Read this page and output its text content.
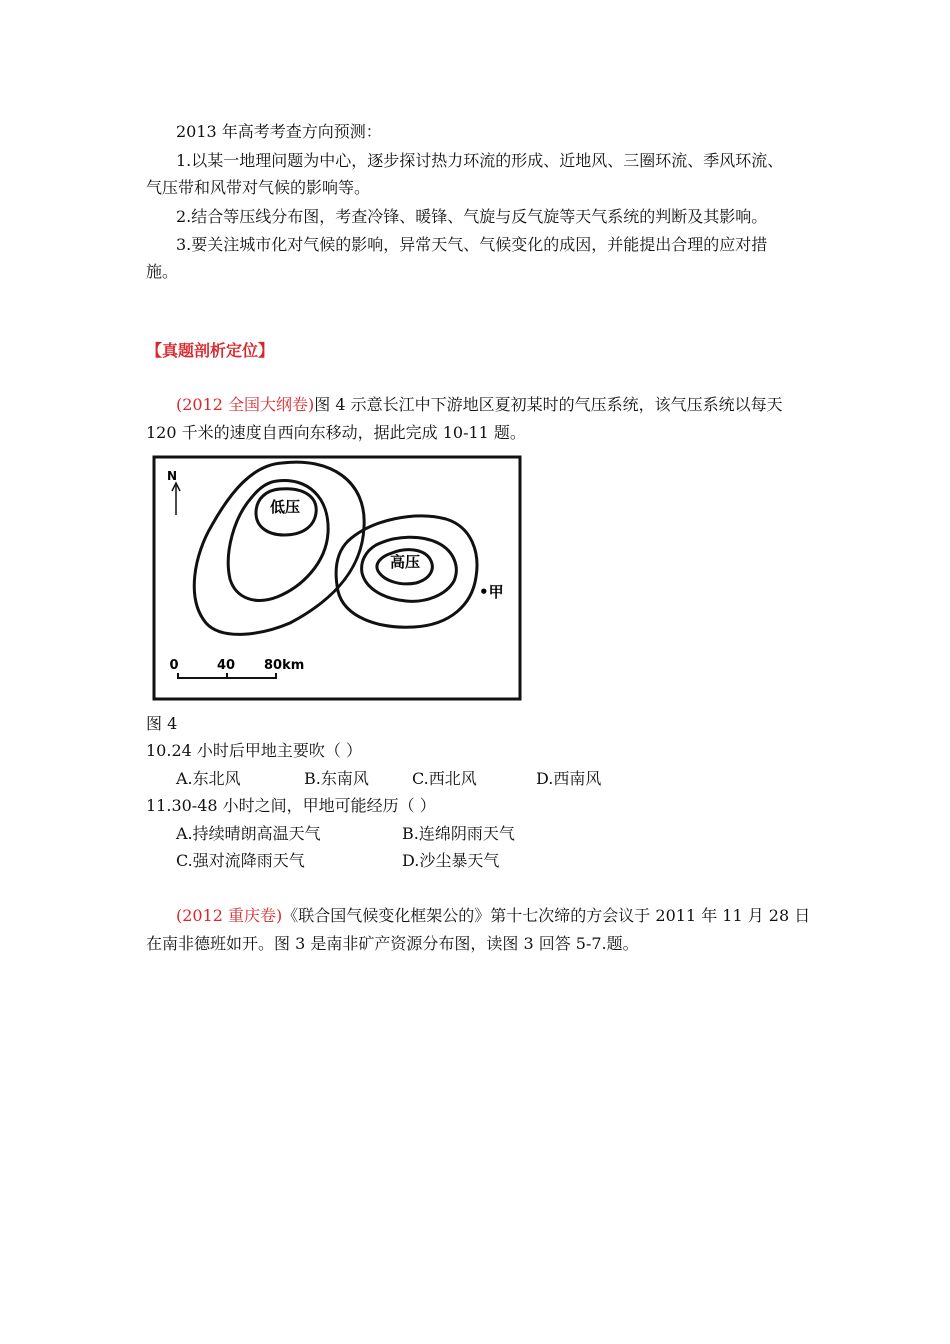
2013 年高考考查方向预测：
1.以某一地理问题为中心，逐步探讨热力环流的形成、近地风、三圈环流、季风环流、
气压带和风带对气候的影响等。
2.结合等压线分布图，考查冷锋、暖锋、气旋与反气旋等天气系统的判断及其影响。
3.要关注城市化对气候的影响，异常天气、气候变化的成因，并能提出合理的应对措
施。
【真题剖析定位】
(2012 全国大纲卷)图 4 示意长江中下游地区夏初某时的气压系统，该气压系统以每天
120 千米的速度自西向东移动，据此完成 10-11 题。
N
低压
高压
•甲
0	40 80km
图 4
10.24 小时后甲地主要吹（ ）
A.东北风	B.东南风	C.西北风	D.西南风
11.30-48 小时之间，甲地可能经历（ ）
A.持续晴朗高温天气	B.连绵阴雨天气
C.强对流降雨天气	D.沙尘暴天气
(2012 重庆卷)《联合国气候变化框架公的》第十七次缔的方会议于 2011 年 11 月 28 日
在南非德班如开。图 3 是南非矿产资源分布图，读图 3 回答 5-7.题。
